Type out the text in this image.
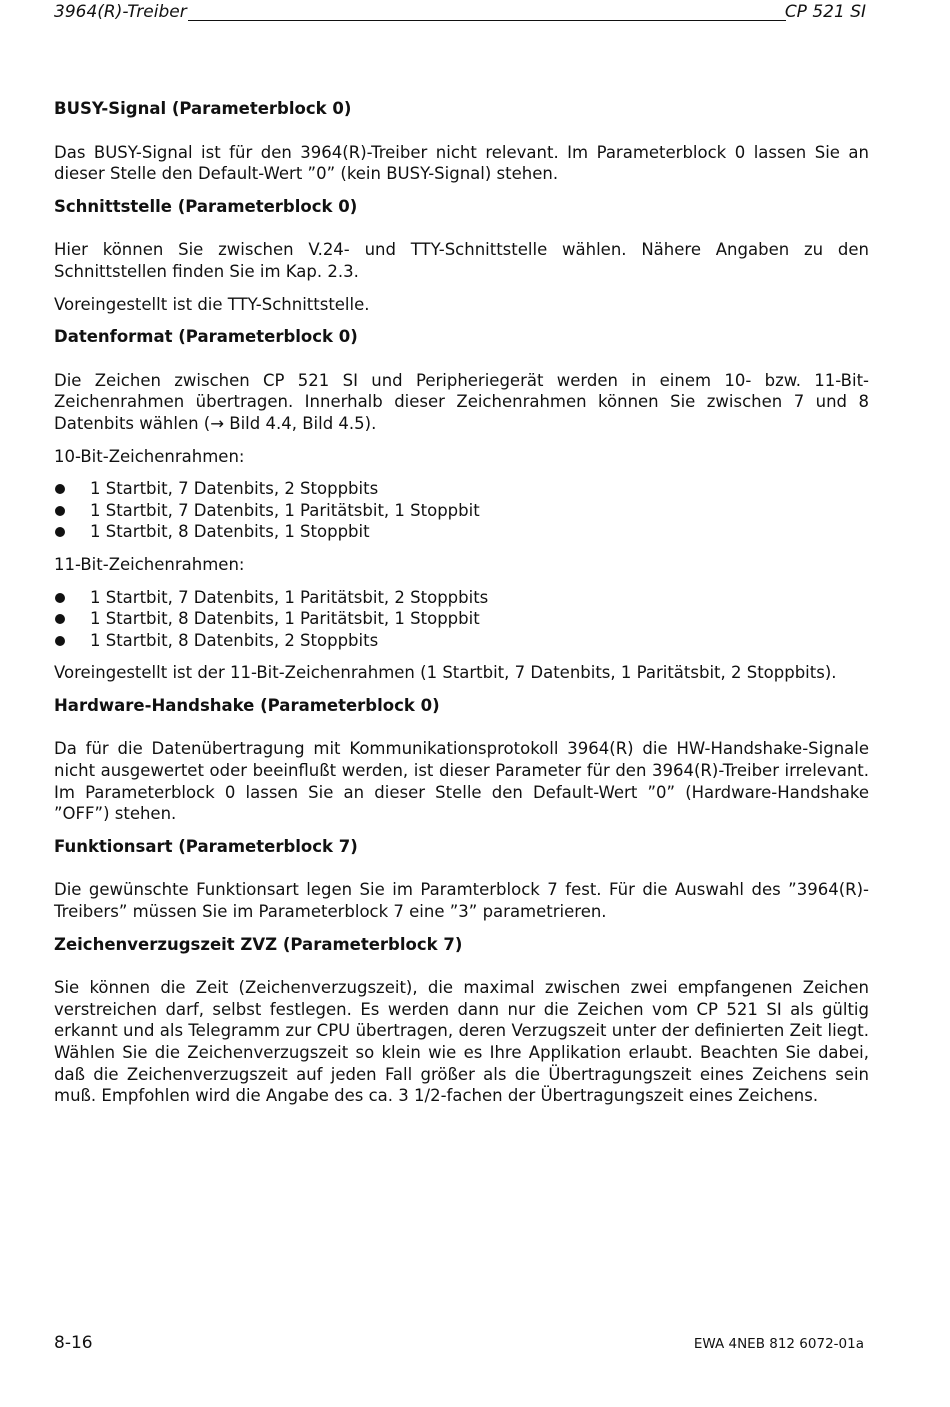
3964(R)-Treiber	CP 521 SI

BUSY-Signal (Parameterblock 0)

Das BUSY-Signal ist für den 3964(R)-Treiber nicht relevant. Im Parameterblock 0 lassen Sie an dieser Stelle den Default-Wert ”0” (kein BUSY-Signal) stehen.

Schnittstelle (Parameterblock 0)

Hier können Sie zwischen V.24- und TTY-Schnittstelle wählen. Nähere Angaben zu den Schnittstellen finden Sie im Kap. 2.3.

Voreingestellt ist die TTY-Schnittstelle.

Datenformat (Parameterblock 0)

Die Zeichen zwischen CP 521 SI und Peripheriegerät werden in einem 10- bzw. 11-Bit-Zeichenrahmen übertragen. Innerhalb dieser Zeichenrahmen können Sie zwischen 7 und 8 Datenbits wählen (→ Bild 4.4, Bild 4.5).

10-Bit-Zeichenrahmen:

1 Startbit, 7 Datenbits, 2 Stoppbits
1 Startbit, 7 Datenbits, 1 Paritätsbit, 1 Stoppbit
1 Startbit, 8 Datenbits, 1 Stoppbit

11-Bit-Zeichenrahmen:

1 Startbit, 7 Datenbits, 1 Paritätsbit, 2 Stoppbits
1 Startbit, 8 Datenbits, 1 Paritätsbit, 1 Stoppbit
1 Startbit, 8 Datenbits, 2 Stoppbits

Voreingestellt ist der 11-Bit-Zeichenrahmen (1 Startbit, 7 Datenbits, 1 Paritätsbit, 2 Stoppbits).

Hardware-Handshake (Parameterblock 0)

Da für die Datenübertragung mit Kommunikationsprotokoll 3964(R) die HW-Handshake-Signale nicht ausgewertet oder beeinflußt werden, ist dieser Parameter für den 3964(R)-Treiber irrelevant. Im Parameterblock 0 lassen Sie an dieser Stelle den Default-Wert ”0” (Hardware-Handshake ”OFF”) stehen.

Funktionsart (Parameterblock 7)

Die gewünschte Funktionsart legen Sie im Paramterblock 7 fest. Für die Auswahl des ”3964(R)-Treibers” müssen Sie im Parameterblock 7 eine ”3” parametrieren.

Zeichenverzugszeit ZVZ (Parameterblock 7)

Sie können die Zeit (Zeichenverzugszeit), die maximal zwischen zwei empfangenen Zeichen verstreichen darf, selbst festlegen. Es werden dann nur die Zeichen vom CP 521 SI als gültig erkannt und als Telegramm zur CPU übertragen, deren Verzugszeit unter der definierten Zeit liegt. Wählen Sie die Zeichenverzugszeit so klein wie es Ihre Applikation erlaubt. Beachten Sie dabei, daß die Zeichenverzugszeit auf jeden Fall größer als die Übertragungszeit eines Zeichens sein muß. Empfohlen wird die Angabe des ca. 3 1/2-fachen der Übertragungszeit eines Zeichens.

8-16	EWA 4NEB 812 6072-01a
